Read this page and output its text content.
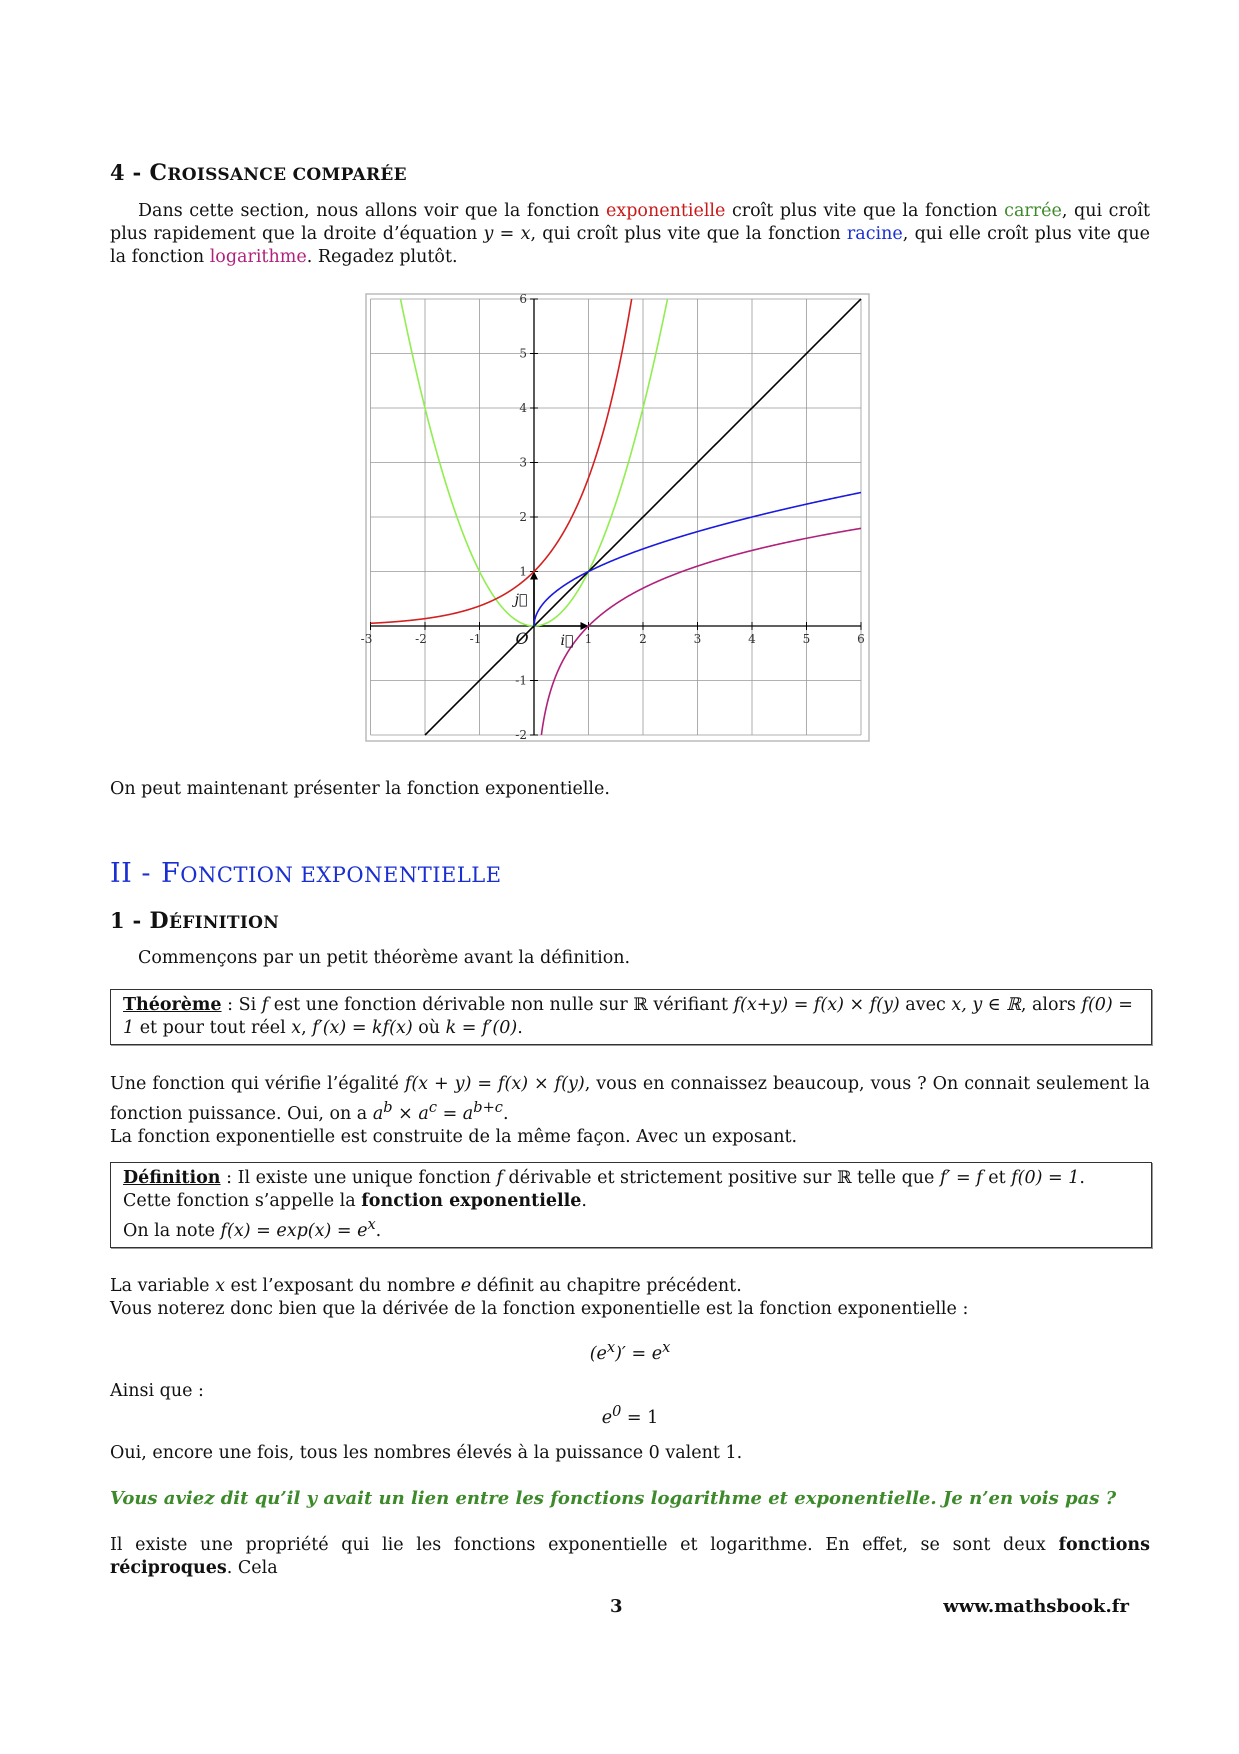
4 - CROISSANCE COMPARÉE
Dans cette section, nous allons voir que la fonction exponentielle croît plus vite que la fonction carrée, qui croît plus rapidement que la droite d’équation y = x, qui croît plus vite que la fonction racine, qui elle croît plus vite que la fonction logarithme. Regadez plutôt.
-3	-2	-1	1	2	3	4	5	6
-2
-1
1
2
3
4
5
6
O i⃗
j⃗
On peut maintenant présenter la fonction exponentielle.
II - FONCTION EXPONENTIELLE
1 - DÉFINITION
Commençons par un petit théorème avant la définition.
Théorème : Si f est une fonction dérivable non nulle sur ℝ vérifiant f(x+y) = f(x) × f(y) avec x, y ∈ ℝ, alors f(0) = 1 et pour tout réel x, f′(x) = kf(x) où k = f′(0).
Une fonction qui vérifie l’égalité f(x + y) = f(x) × f(y), vous en connaissez beaucoup, vous ? On connait seulement la fonction puissance. Oui, on a $a^b \times a^c = a^{b+c}$.
La fonction exponentielle est construite de la même façon. Avec un exposant.
Définition : Il existe une unique fonction f dérivable et strictement positive sur ℝ telle que f′ = f et f(0) = 1.
Cette fonction s’appelle la fonction exponentielle.
On la note $f(x) = \exp(x) = e^x$.
La variable x est l’exposant du nombre e définit au chapitre précédent.
Vous noterez donc bien que la dérivée de la fonction exponentielle est la fonction exponentielle :
$(e^x)' = e^x$
Ainsi que :
$e^0 = 1$
Oui, encore une fois, tous les nombres élevés à la puissance 0 valent 1.
Vous aviez dit qu’il y avait un lien entre les fonctions logarithme et exponentielle. Je n’en vois pas ?
Il existe une propriété qui lie les fonctions exponentielle et logarithme. En effet, se sont deux fonctions réciproques. Cela
3	www.mathsbook.fr
